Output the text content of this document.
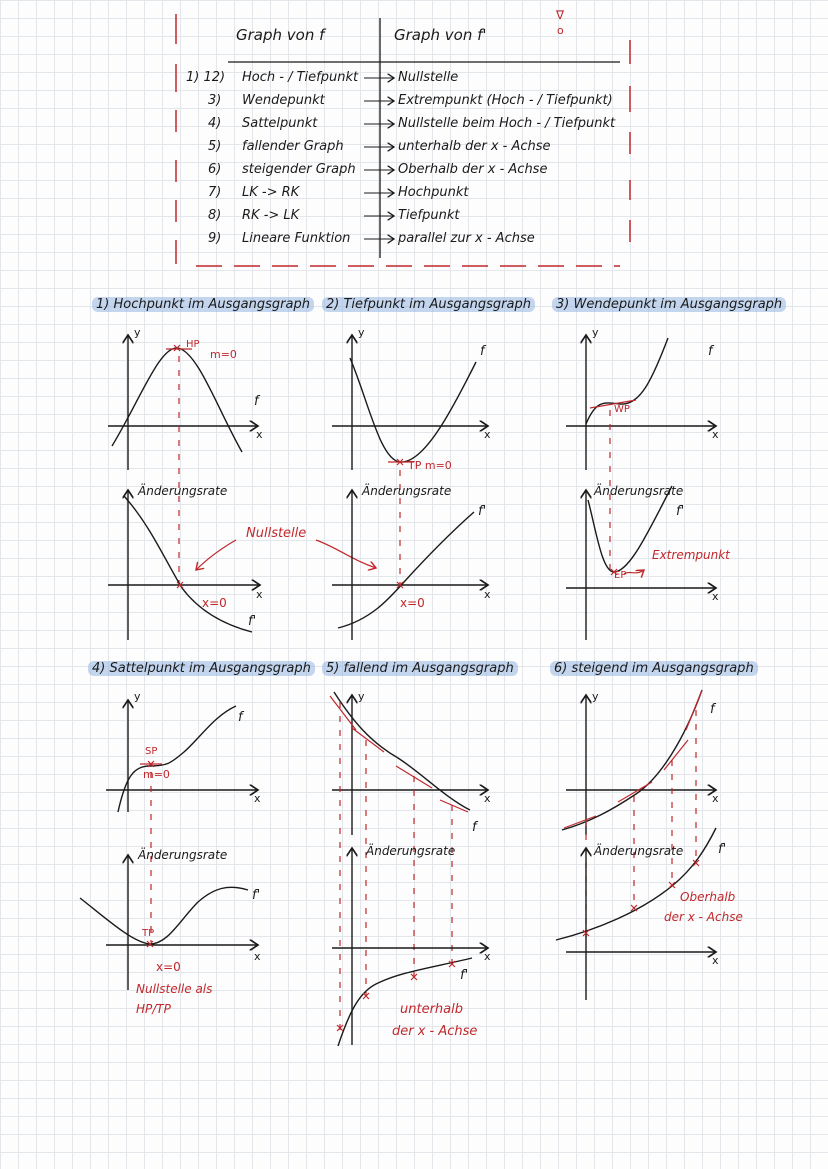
Graph von f	Graph von f'
∇
o
1) 12) Hoch - / Tiefpunkt	Nullstelle
3) Wendepunkt	Extrempunkt (Hoch - / Tiefpunkt)
4) Sattelpunkt	Nullstelle beim Hoch - / Tiefpunkt
5) fallender Graph	unterhalb der x - Achse
6) steigender Graph	Oberhalb der x - Achse
7) LK -> RK	Hochpunkt
8) RK -> LK	Tiefpunkt
9) Lineare Funktion	parallel zur x - Achse
1) Hochpunkt im Ausgangsgraph
y
HP
m=0
f
x
Änderungsrate
x=0
x
f'
Nullstelle
2) Tiefpunkt im Ausgangsgraph
y
f
x
TP m=0
Änderungsrate
f'
x
x=0
3) Wendepunkt im Ausgangsgraph
y
f
WP
x
Änderungsrate
f'
Extrempunkt
EP
x
4) Sattelpunkt im Ausgangsgraph
y
f
SP
m=0
x
Änderungsrate
f'
TP
x
x=0
Nullstelle als
HP/TP
5) fallend im Ausgangsgraph
y
x
f
Änderungsrate
x
f'
unterhalb
der x - Achse
6) steigend im Ausgangsgraph
y
f
x
Änderungsrate	f'
Oberhalb
der x - Achse
x
